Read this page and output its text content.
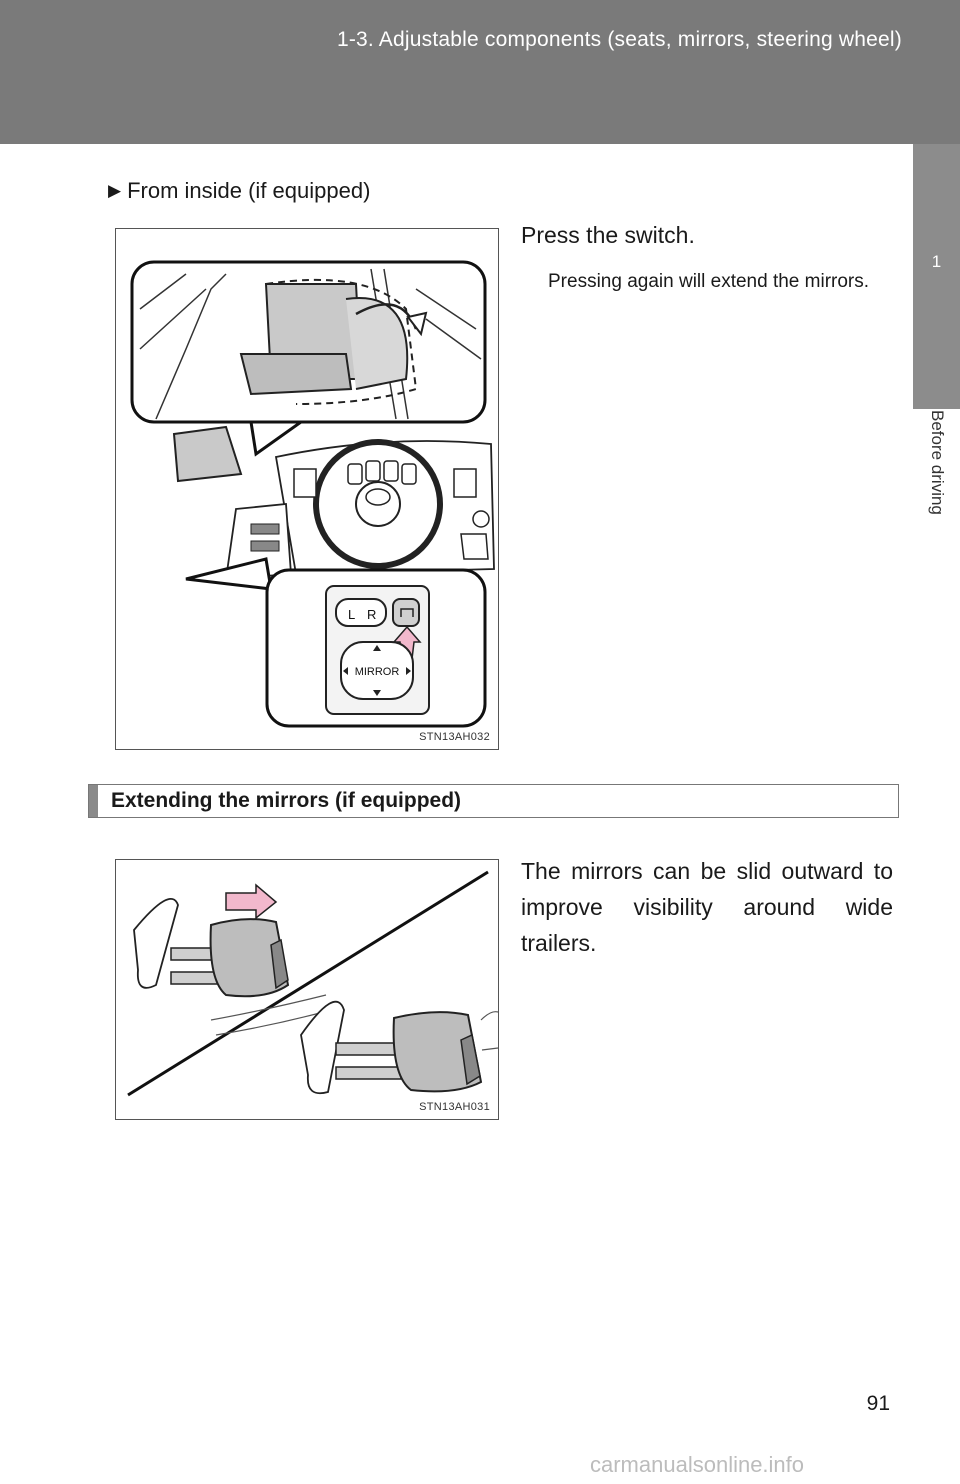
1-3. Adjustable components (seats, mirrors, steering wheel)
1
Before driving
▶ From inside (if equipped)
L R
MIRROR
STN13AH032
Press the switch.
Pressing again will extend the mirrors.
Extending the mirrors (if equipped)
STN13AH031
The mirrors can be slid outward to improve visibility around wide trailers.
91
carmanualsonline.info
